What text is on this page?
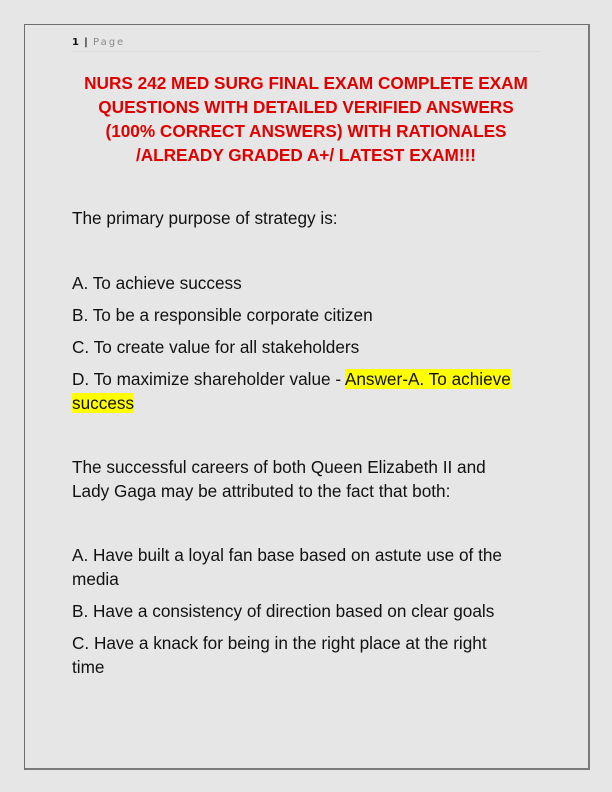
1 | Page
NURS 242 MED SURG FINAL EXAM COMPLETE EXAM
QUESTIONS WITH DETAILED VERIFIED ANSWERS
(100% CORRECT ANSWERS) WITH RATIONALES
/ALREADY GRADED A+/ LATEST EXAM!!!
The primary purpose of strategy is:
A. To achieve success
B. To be a responsible corporate citizen
C. To create value for all stakeholders
D. To maximize shareholder value - Answer-A. To achieve
success
The successful careers of both Queen Elizabeth II and
Lady Gaga may be attributed to the fact that both:
A. Have built a loyal fan base based on astute use of the
media
B. Have a consistency of direction based on clear goals
C. Have a knack for being in the right place at the right
time
